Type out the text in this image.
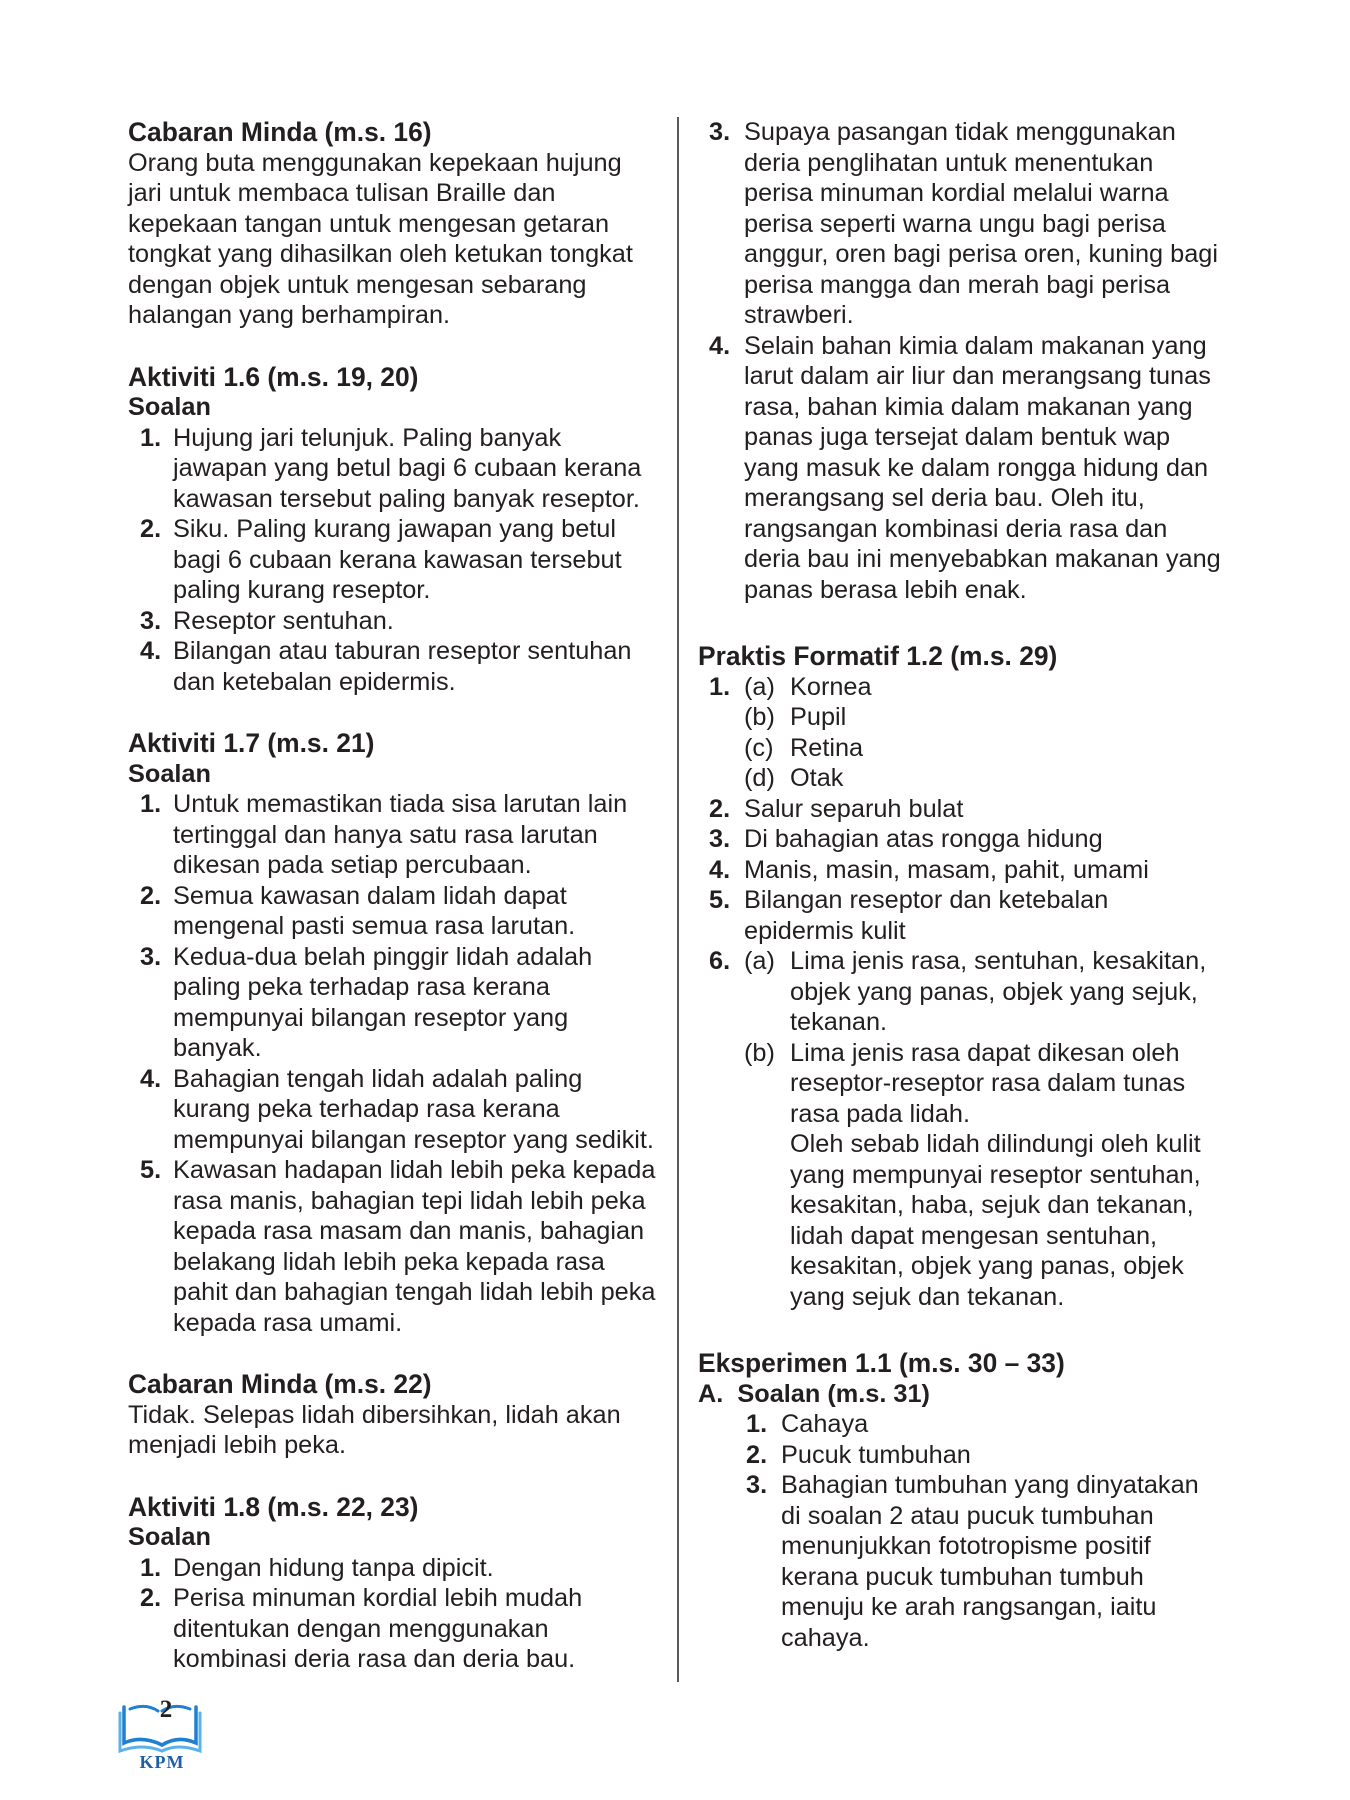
Cabaran Minda (m.s. 16)
Orang buta menggunakan kepekaan hujung jari untuk membaca tulisan Braille dan kepekaan tangan untuk mengesan getaran tongkat yang dihasilkan oleh ketukan tongkat dengan objek untuk mengesan sebarang halangan yang berhampiran.
Aktiviti 1.6 (m.s. 19, 20)
Soalan
1. Hujung jari telunjuk. Paling banyak jawapan yang betul bagi 6 cubaan kerana kawasan tersebut paling banyak reseptor.
2. Siku. Paling kurang jawapan yang betul bagi 6 cubaan kerana kawasan tersebut paling kurang reseptor.
3. Reseptor sentuhan.
4. Bilangan atau taburan reseptor sentuhan dan ketebalan epidermis.
Aktiviti 1.7 (m.s. 21)
Soalan
1. Untuk memastikan tiada sisa larutan lain tertinggal dan hanya satu rasa larutan dikesan pada setiap percubaan.
2. Semua kawasan dalam lidah dapat mengenal pasti semua rasa larutan.
3. Kedua-dua belah pinggir lidah adalah paling peka terhadap rasa kerana mempunyai bilangan reseptor yang banyak.
4. Bahagian tengah lidah adalah paling kurang peka terhadap rasa kerana mempunyai bilangan reseptor yang sedikit.
5. Kawasan hadapan lidah lebih peka kepada rasa manis, bahagian tepi lidah lebih peka kepada rasa masam dan manis, bahagian belakang lidah lebih peka kepada rasa pahit dan bahagian tengah lidah lebih peka kepada rasa umami.
Cabaran Minda (m.s. 22)
Tidak. Selepas lidah dibersihkan, lidah akan menjadi lebih peka.
Aktiviti 1.8 (m.s. 22, 23)
Soalan
1. Dengan hidung tanpa dipicit.
2. Perisa minuman kordial lebih mudah ditentukan dengan menggunakan kombinasi deria rasa dan deria bau.
3. Supaya pasangan tidak menggunakan deria penglihatan untuk menentukan perisa minuman kordial melalui warna perisa seperti warna ungu bagi perisa anggur, oren bagi perisa oren, kuning bagi perisa mangga dan merah bagi perisa strawberi.
4. Selain bahan kimia dalam makanan yang larut dalam air liur dan merangsang tunas rasa, bahan kimia dalam makanan yang panas juga tersejat dalam bentuk wap yang masuk ke dalam rongga hidung dan merangsang sel deria bau. Oleh itu, rangsangan kombinasi deria rasa dan deria bau ini menyebabkan makanan yang panas berasa lebih enak.
Praktis Formatif 1.2 (m.s. 29)
1. (a) Kornea
(b) Pupil
(c) Retina
(d) Otak
2. Salur separuh bulat
3. Di bahagian atas rongga hidung
4. Manis, masin, masam, pahit, umami
5. Bilangan reseptor dan ketebalan epidermis kulit
6. (a) Lima jenis rasa, sentuhan, kesakitan, objek yang panas, objek yang sejuk, tekanan.
(b) Lima jenis rasa dapat dikesan oleh reseptor-reseptor rasa dalam tunas rasa pada lidah.
Oleh sebab lidah dilindungi oleh kulit yang mempunyai reseptor sentuhan, kesakitan, haba, sejuk dan tekanan, lidah dapat mengesan sentuhan, kesakitan, objek yang panas, objek yang sejuk dan tekanan.
Eksperimen 1.1 (m.s. 30 – 33)
A. Soalan (m.s. 31)
1. Cahaya
2. Pucuk tumbuhan
3. Bahagian tumbuhan yang dinyatakan di soalan 2 atau pucuk tumbuhan menunjukkan fototropisme positif kerana pucuk tumbuhan tumbuh menuju ke arah rangsangan, iaitu cahaya.
2
KPM
